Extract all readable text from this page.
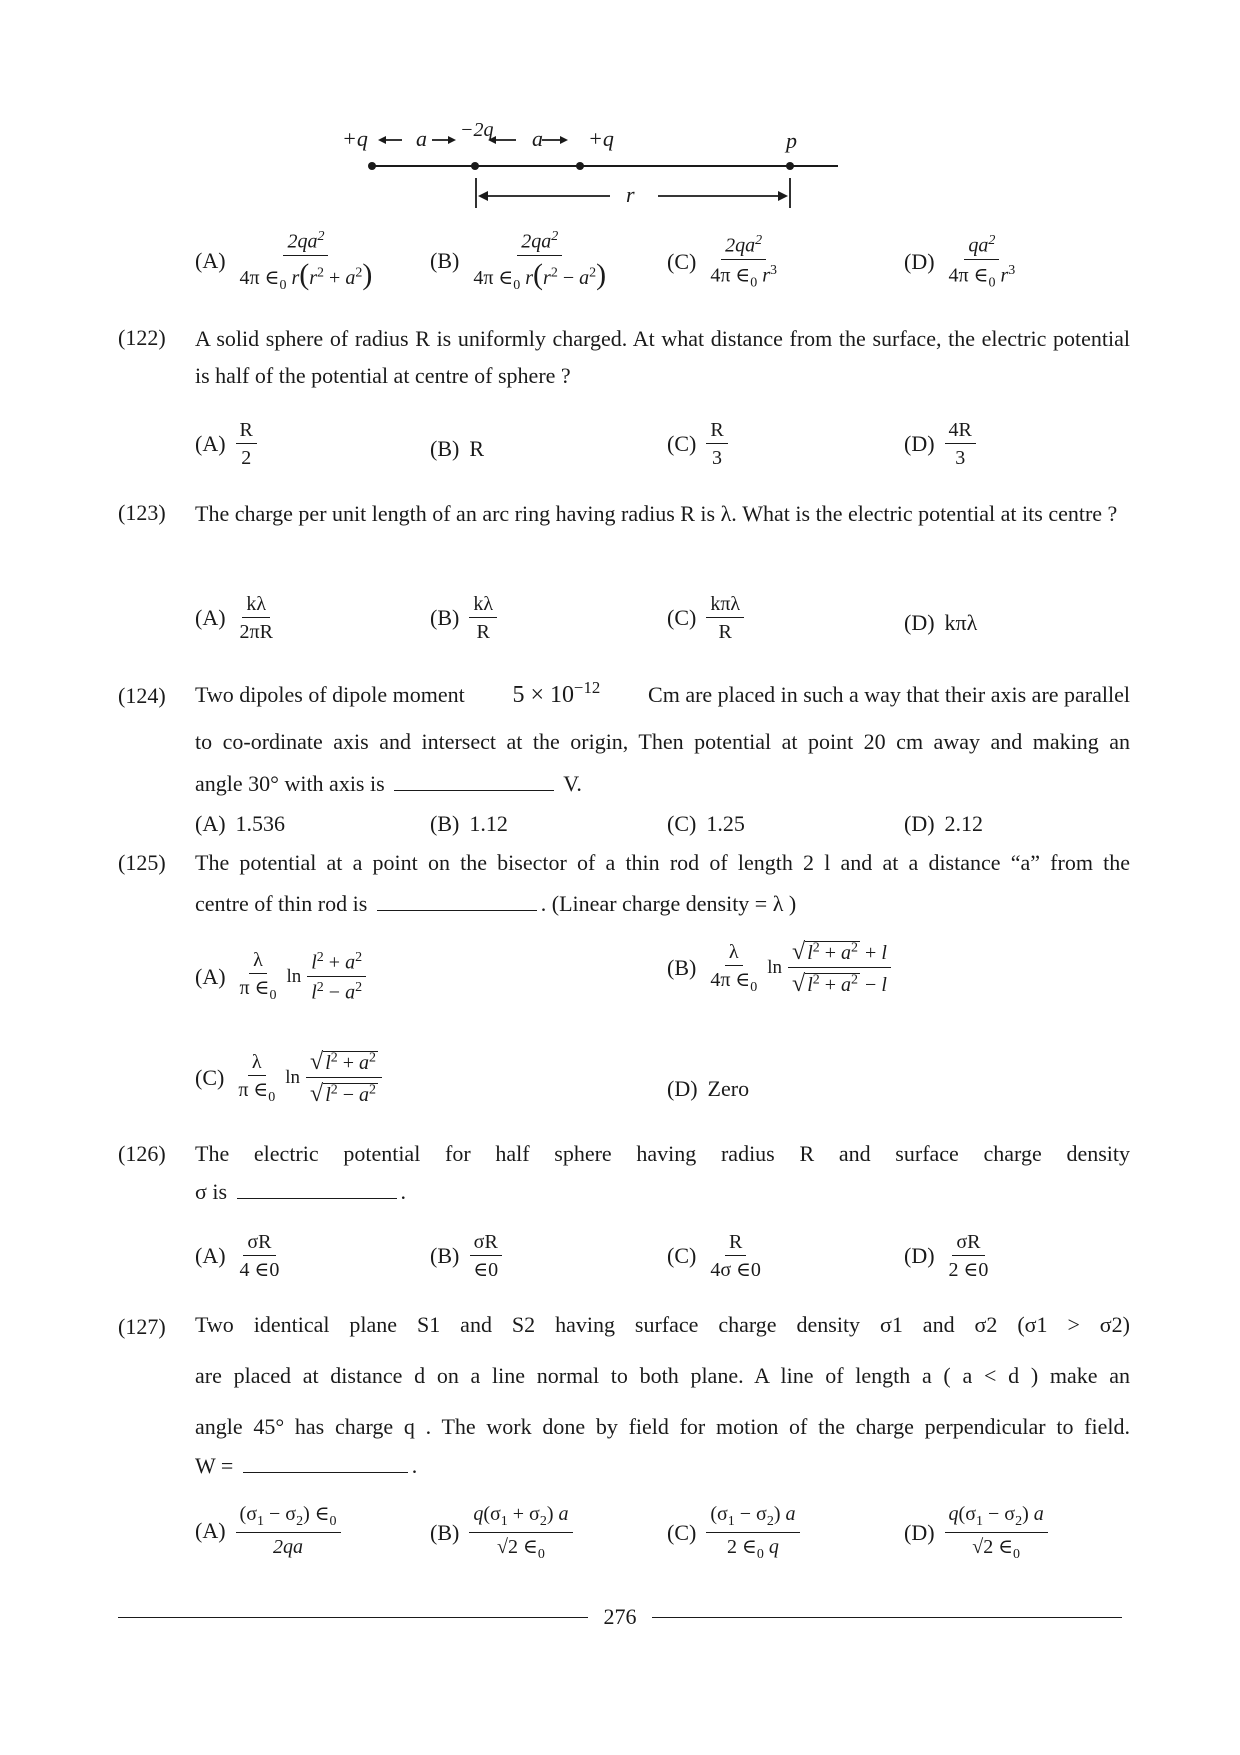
+q a −2q a +q	p
r
$(A) \frac{2qa^2}{4\pi \in_0 r(r^2 + a^2)} (B) \frac{2qa^2}{4\pi \in_0 r(r^2 - a^2)}$	$(C) \frac{2qa^2}{4\pi \in_0 r^3}$	$(D) \frac{qa^2}{4\pi \in_0 r^3}$
(122) A solid sphere of radius R is uniformly charged. At what distance from the surface, the electric potential is half of the potential at centre of sphere ?
$(A) \frac{R}{2}$	(B) R	$(C) \frac{R}{3}$	$(D) \frac{4R}{3}$
(123) The charge per unit length of an arc ring having radius R is λ. What is the electric potential at its centre ?
$(A) \frac{k\lambda}{2\pi R}$	$(B) \frac{k\lambda}{R}$	$(C) \frac{\text{kπλ}}{R}$	(D) kπλ
(124) Two dipoles of dipole moment $5 \times 10^{-12}$ Cm are placed in such a way that their axis are parallel
to co-ordinate axis and intersect at the origin, Then potential at point 20 cm away and making an
angle 30° with axis is	V.
(A) 1.536	(B) 1.12	(C) 1.25	(D) 2.12
(125) The potential at a point on the bisector of a thin rod of length 2 l and at a distance “a” from the
centre of thin rod is	. (Linear charge density = λ )
$(A) \frac{\lambda}{\pi \in_0}$ $\ln \frac{l^2 + a^2}{l^2 - a^2}$	$(B) \frac{\lambda}{4\pi \in_0}$ $\ln \frac{√ l^2 + a^2 + l}{√ l^2 + a^2 - l}$
$(C) \frac{\lambda}{\pi \in_0}$ $\ln \frac{√ l^2 + a^2}{√ l^2 - a^2}$	(D) Zero
(126) The electric potential for half sphere having radius R and surface charge density
σ is	.
$(A) \frac{\sigma R}{4 \in 0}$	$(B) \frac{\sigma R}{\in 0}$	$(C) \frac{R}{4\sigma \in 0}$	$(D) \frac{\sigma R}{2 \in 0}$
(127) Two identical plane S1 and S2 having surface charge density σ1 and σ2 (σ1 > σ2)
are placed at distance d on a line normal to both plane. A line of length a ( a < d ) make an
angle 45° has charge q . The work done by field for motion of the charge perpendicular to field.
W =	.
$(A) \frac{(\sigma_1 - \sigma_2) \in_0}{2qa}$	$(B) \frac{q(\sigma_1 + \sigma_2) a}{√2 \in_0}$	$(C) \frac{(\sigma_1 - \sigma_2) a}{2 \in_0 q}$	$(D) \frac{q(\sigma_1 - \sigma_2) a}{√2 \in_0}$
276
